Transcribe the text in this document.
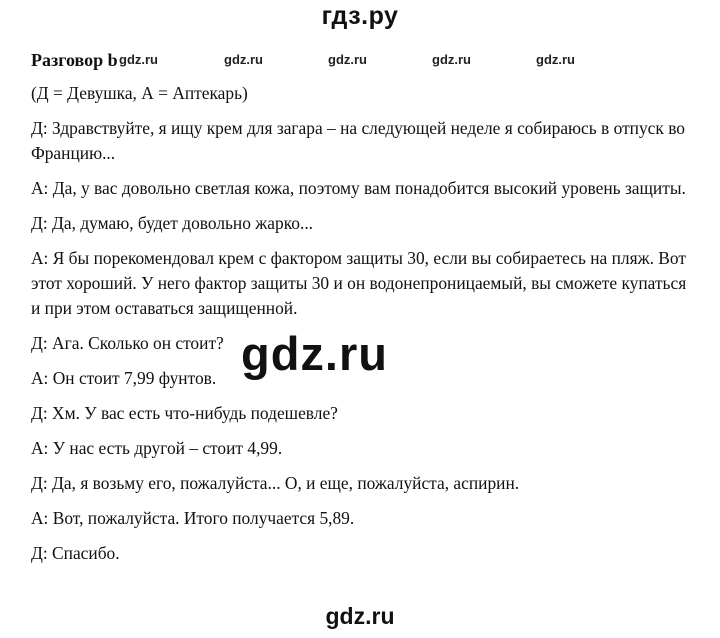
гдз.ру
Разговор b gdz.ru	gdz.ru	gdz.ru	gdz.ru	gdz.ru

(Д = Девушка, А = Аптекарь)

Д: Здравствуйте, я ищу крем для загара – на следующей неделе я собираюсь в отпуск во Францию...

А: Да, у вас довольно светлая кожа, поэтому вам понадобится высокий уровень защиты.

Д: Да, думаю, будет довольно жарко...

А: Я бы порекомендовал крем с фактором защиты 30, если вы собираетесь на пляж. Вот этот хороший. У него фактор защиты 30 и он водонепроницаемый, вы сможете купаться и при этом оставаться защищенной.

Д: Ага. Сколько он стоит?

А: Он стоит 7,99 фунтов.

Д: Хм. У вас есть что-нибудь подешевле?

А: У нас есть другой – стоит 4,99.

Д: Да, я возьму его, пожалуйста... О, и еще, пожалуйста, аспирин.

А: Вот, пожалуйста. Итого получается 5,89.

Д: Спасибо.

gdz.ru
gdz.ru
